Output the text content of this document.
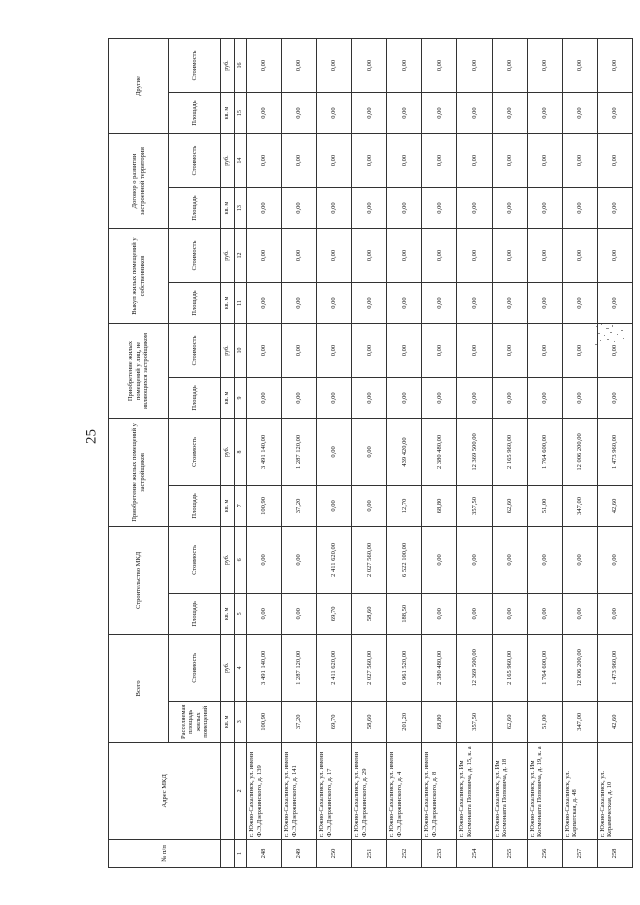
25
№ п/п	Адрес МКД	Всего		Строительство МКД		Приобретение жилых помещений у застройщиков		Приобретение жилых помещений у лиц, не являющихся застройщиком		Выкуп жилых помещений у собственников		Договор о развитии застроенной территории		Другие	
		Расселяемая площадь жилых помещений	Стоимость	Площадь	Стоимость	Площадь	Стоимость	Площадь	Стоимость	Площадь	Стоимость	Площадь	Стоимость	Площадь	Стоимость
		кв. м	руб.	кв. м	руб.	кв. м	руб.	кв. м	руб.	кв. м	руб.	кв. м	руб.	кв. м	руб.
1	2	3	4	5	6	7	8	9	10	11	12	13	14	15	16
248	г. Южно-Сахалинск, ул. имени Ф.Э.Дзержинского, д. 139	100,90	3 491 140,00	0,00	0,00	100,90	3 491 140,00	0,00	0,00	0,00	0,00	0,00	0,00	0,00	0,00
249	г. Южно-Сахалинск, ул. имени Ф.Э.Дзержинского, д. 141	37,20	1 287 120,00	0,00	0,00	37,20	1 287 120,00	0,00	0,00	0,00	0,00	0,00	0,00	0,00	0,00
250	г. Южно-Сахалинск, ул. имени Ф.Э.Дзержинского, д. 17	69,70	2 411 620,00	69,70	2 411 620,00	0,00	0,00	0,00	0,00	0,00	0,00	0,00	0,00	0,00	0,00
251	г. Южно-Сахалинск, ул. имени Ф.Э.Дзержинского, д. 29	58,60	2 027 560,00	58,60	2 027 560,00	0,00	0,00	0,00	0,00	0,00	0,00	0,00	0,00	0,00	0,00
252	г. Южно-Сахалинск, ул. имени Ф.Э.Дзержинского, д. 4	201,20	6 961 520,00	188,50	6 522 100,00	12,70	439 420,00	0,00	0,00	0,00	0,00	0,00	0,00	0,00	0,00
253	г. Южно-Сахалинск, ул. имени Ф.Э.Дзержинского, д. 8	68,80	2 380 480,00	0,00	0,00	68,80	2 380 480,00	0,00	0,00	0,00	0,00	0,00	0,00	0,00	0,00
254	г. Южно-Сахалинск, ул. Им Космонавта Поповича, д. 15, к. а	357,50	12 369 500,00	0,00	0,00	357,50	12 369 500,00	0,00	0,00	0,00	0,00	0,00	0,00	0,00	0,00
255	г. Южно-Сахалинск, ул. Им Космонавта Поповича, д. 18	62,60	2 165 960,00	0,00	0,00	62,60	2 165 960,00	0,00	0,00	0,00	0,00	0,00	0,00	0,00	0,00
256	г. Южно-Сахалинск, ул. Им Космонавта Поповича, д. 19, к. а	51,00	1 764 600,00	0,00	0,00	51,00	1 764 600,00	0,00	0,00	0,00	0,00	0,00	0,00	0,00	0,00
257	г. Южно-Сахалинск, ул. Карпатская, д. 48	347,00	12 006 200,00	0,00	0,00	347,00	12 006 200,00	0,00	0,00	0,00	0,00	0,00	0,00	0,00	0,00
258	г. Южно-Сахалинск, ул. Керамическая, д. 10	42,60	1 473 960,00	0,00	0,00	42,60	1 473 960,00	0,00	0,00	0,00	0,00	0,00	0,00	0,00	0,00
